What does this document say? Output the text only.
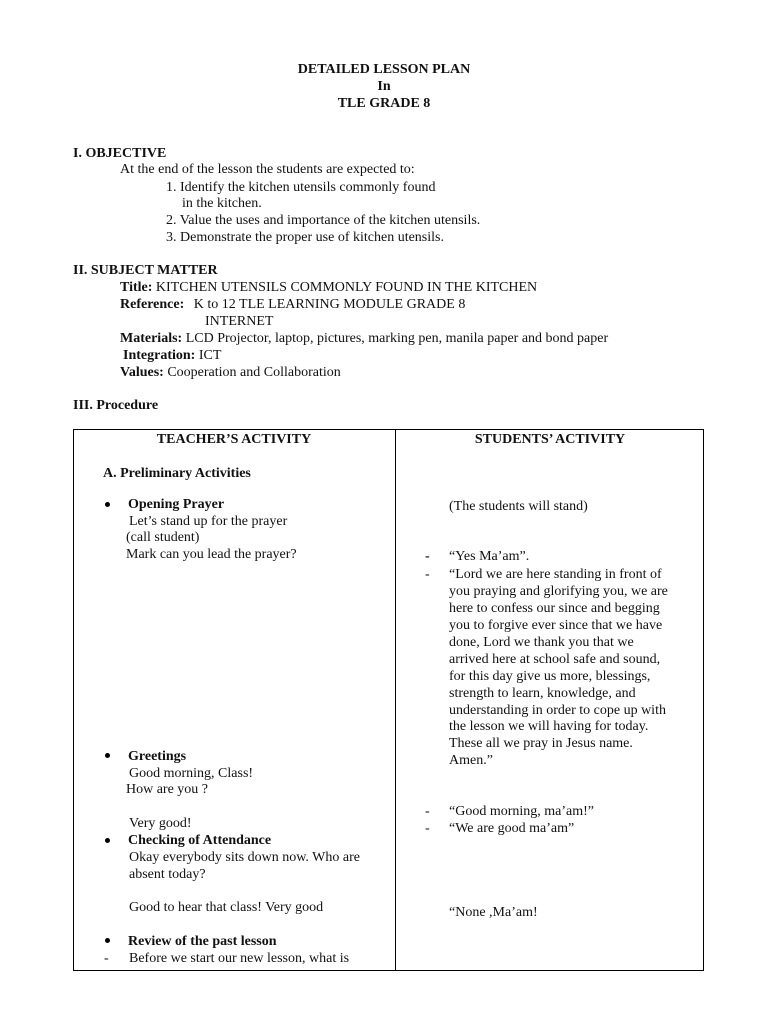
DETAILED LESSON PLAN
In
TLE GRADE 8
I. OBJECTIVE
At the end of the lesson the students are expected to:
1. Identify the kitchen utensils commonly found
in the kitchen.
2. Value the uses and importance of the kitchen utensils.
3. Demonstrate the proper use of kitchen utensils.
II. SUBJECT MATTER
Title: KITCHEN UTENSILS COMMONLY FOUND IN THE KITCHEN
Reference: K to 12 TLE LEARNING MODULE GRADE 8
INTERNET
Materials: LCD Projector, laptop, pictures, marking pen, manila paper and bond paper
Integration: ICT
Values: Cooperation and Collaboration
III. Procedure
TEACHER’S ACTIVITY	STUDENTS’ ACTIVITY
A. Preliminary Activities
Opening Prayer
Let’s stand up for the prayer
(call student)
Mark can you lead the prayer?
Greetings
Good morning, Class!
How are you ?
Very good!
Checking of Attendance
Okay everybody sits down now. Who are
absent today?
Good to hear that class! Very good
Review of the past lesson
- Before we start our new lesson, what is
(The students will stand)
- “Yes Ma’am”.
- “Lord we are here standing in front of
you praying and glorifying you, we are
here to confess our since and begging
you to forgive ever since that we have
done, Lord we thank you that we
arrived here at school safe and sound,
for this day give us more, blessings,
strength to learn, knowledge, and
understanding in order to cope up with
the lesson we will having for today.
These all we pray in Jesus name.
Amen.”
- “Good morning, ma’am!”
- “We are good ma’am”
“None ,Ma’am!
